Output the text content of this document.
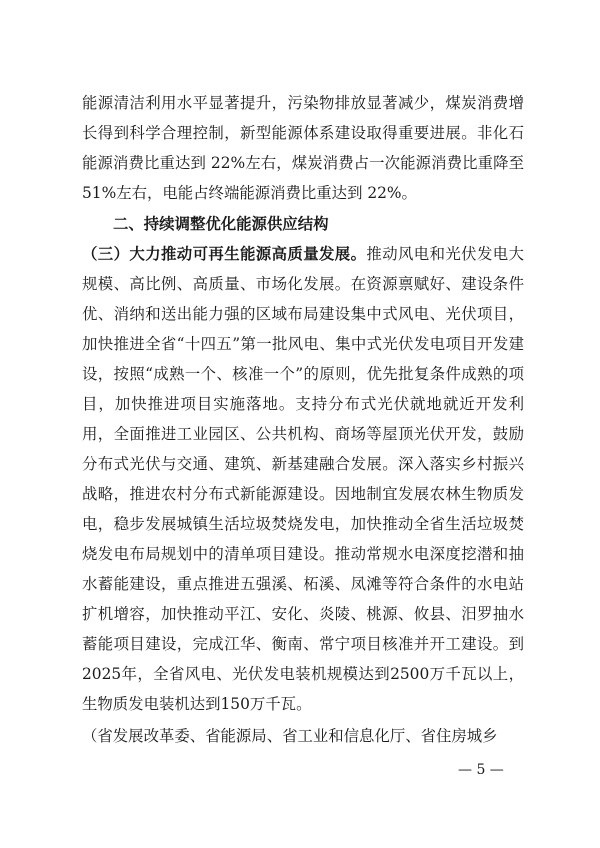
能源清洁利用水平显著提升，污染物排放显著减少，煤炭消费增长得到科学合理控制，新型能源体系建设取得重要进展。非化石能源消费比重达到 22%左右，煤炭消费占一次能源消费比重降至 51%左右，电能占终端能源消费比重达到 22%。

二、持续调整优化能源供应结构

（三）大力推动可再生能源高质量发展。推动风电和光伏发电大规模、高比例、高质量、市场化发展。在资源禀赋好、建设条件优、消纳和送出能力强的区域布局建设集中式风电、光伏项目，加快推进全省“十四五”第一批风电、集中式光伏发电项目开发建设，按照“成熟一个、核准一个”的原则，优先批复条件成熟的项目，加快推进项目实施落地。支持分布式光伏就地就近开发利用，全面推进工业园区、公共机构、商场等屋顶光伏开发，鼓励分布式光伏与交通、建筑、新基建融合发展。深入落实乡村振兴战略，推进农村分布式新能源建设。因地制宜发展农林生物质发电，稳步发展城镇生活垃圾焚烧发电，加快推动全省生活垃圾焚烧发电布局规划中的清单项目建设。推动常规水电深度挖潜和抽水蓄能建设，重点推进五强溪、柘溪、凤滩等符合条件的水电站扩机增容，加快推动平江、安化、炎陵、桃源、攸县、汨罗抽水蓄能项目建设，完成江华、衡南、常宁项目核准并开工建设。到2025年，全省风电、光伏发电装机规模达到2500万千瓦以上，生物质发电装机达到150万千瓦。

（省发展改革委、省能源局、省工业和信息化厅、省住房城乡

— 5 —
